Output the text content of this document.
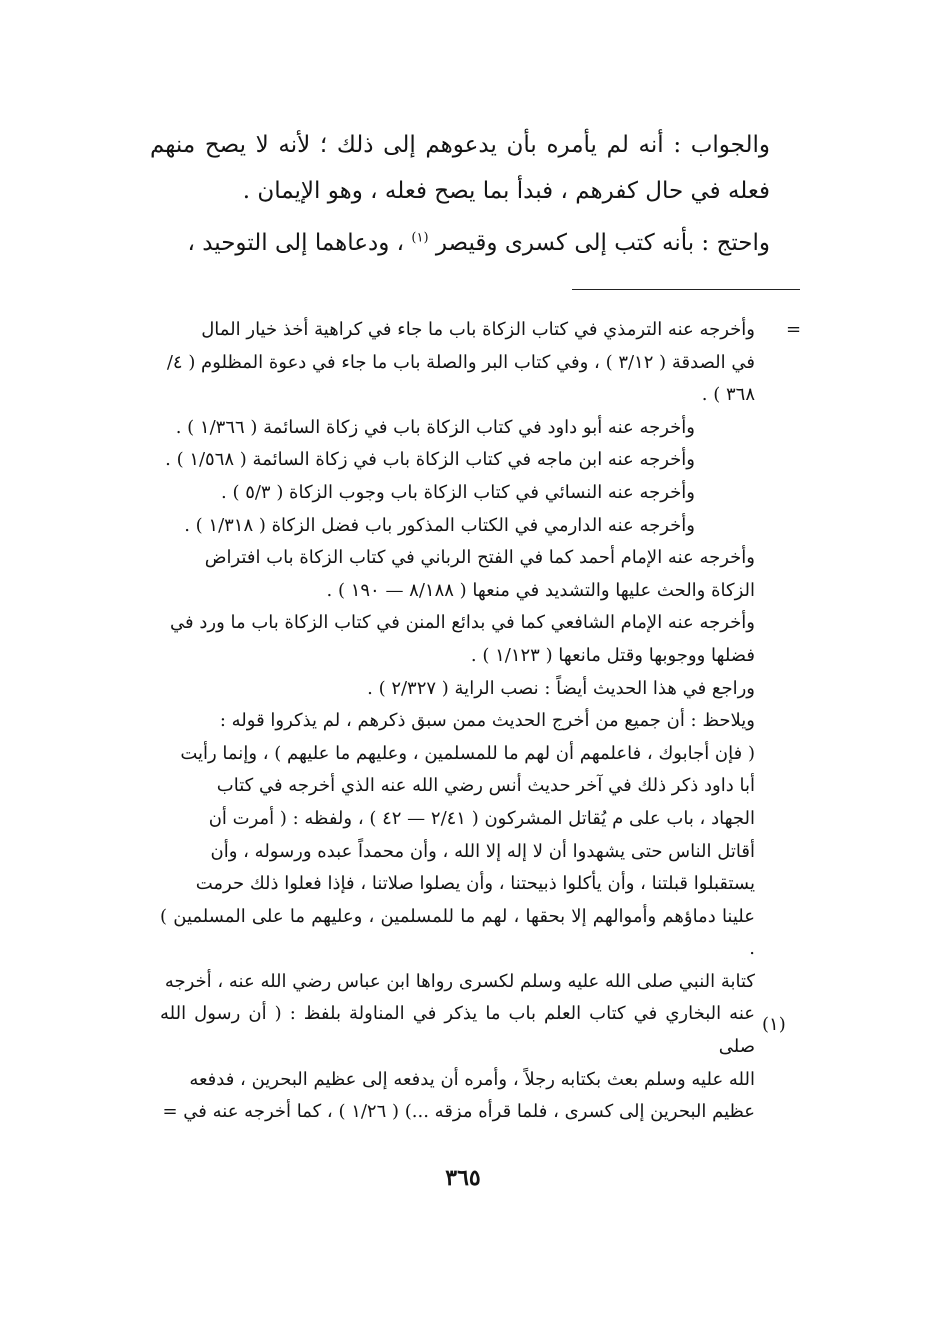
والجواب : أنه لم يأمره بأن يدعوهم إلى ذلك ؛ لأنه لا يصح منهم فعله في حال كفرهم ، فبدأ بما يصح فعله ، وهو الإيمان .

واحتج : بأنه كتب إلى كسرى وقيصر $^{(١)}$ ، ودعاهما إلى التوحيد ،

=

وأخرجه عنه الترمذي في كتاب الزكاة باب ما جاء في كراهية أخذ خيار المال

في الصدقة ( ٣/١٢ ) ، وفي كتاب البر والصلة باب ما جاء في دعوة المظلوم ( ٤/

٣٦٨ ) .

وأخرجه عنه أبو داود في كتاب الزكاة باب في زكاة السائمة ( ١/٣٦٦ ) .

وأخرجه عنه ابن ماجه في كتاب الزكاة باب في زكاة السائمة ( ١/٥٦٨ ) .

وأخرجه عنه النسائي في كتاب الزكاة باب وجوب الزكاة ( ٥/٣ ) .

وأخرجه عنه الدارمي في الكتاب المذكور باب فضل الزكاة ( ١/٣١٨ ) .

وأخرجه عنه الإمام أحمد كما في الفتح الرباني في كتاب الزكاة باب افتراض

الزكاة والحث عليها والتشديد في منعها ( ٨/١٨٨ — ١٩٠ ) .

وأخرجه عنه الإمام الشافعي كما في بدائع المنن في كتاب الزكاة باب ما ورد في

فضلها ووجوبها وقتل مانعها ( ١/١٢٣ ) .

وراجع في هذا الحديث أيضاً : نصب الراية ( ٢/٣٢٧ ) .

ويلاحظ : أن جميع من أخرج الحديث ممن سبق ذكرهم ، لم يذكروا قوله :

( فإن أجابوك ، فاعلمهم أن لهم ما للمسلمين ، وعليهم ما عليهم ) ، وإنما رأيت

أبا داود ذكر ذلك في آخر حديث أنس رضي الله عنه الذي أخرجه في كتاب

الجهاد ، باب على م يُقاتل المشركون ( ٢/٤١ — ٤٢ ) ، ولفظه : ( أمرت أن

أقاتل الناس حتى يشهدوا أن لا إله إلا الله ، وأن محمداً عبده ورسوله ، وأن

يستقبلوا قبلتنا ، وأن يأكلوا ذبيحتنا ، وأن يصلوا صلاتنا ، فإذا فعلوا ذلك حرمت

علينا دماؤهم وأموالهم إلا بحقها ، لهم ما للمسلمين ، وعليهم ما على المسلمين ) .

كتابة النبي صلى الله عليه وسلم لكسرى رواها ابن عباس رضي الله عنه ، أخرجه

عنه البخاري في كتاب العلم باب ما يذكر في المناولة بلفظ : ( أن رسول الله صلى

الله عليه وسلم بعث بكتابه رجلاً ، وأمره أن يدفعه إلى عظيم البحرين ، فدفعه

عظيم البحرين إلى كسرى ، فلما قرأه مزقه ...) ( ١/٢٦ ) ، كما أخرجه عنه في =

(١)
٣٦٥
